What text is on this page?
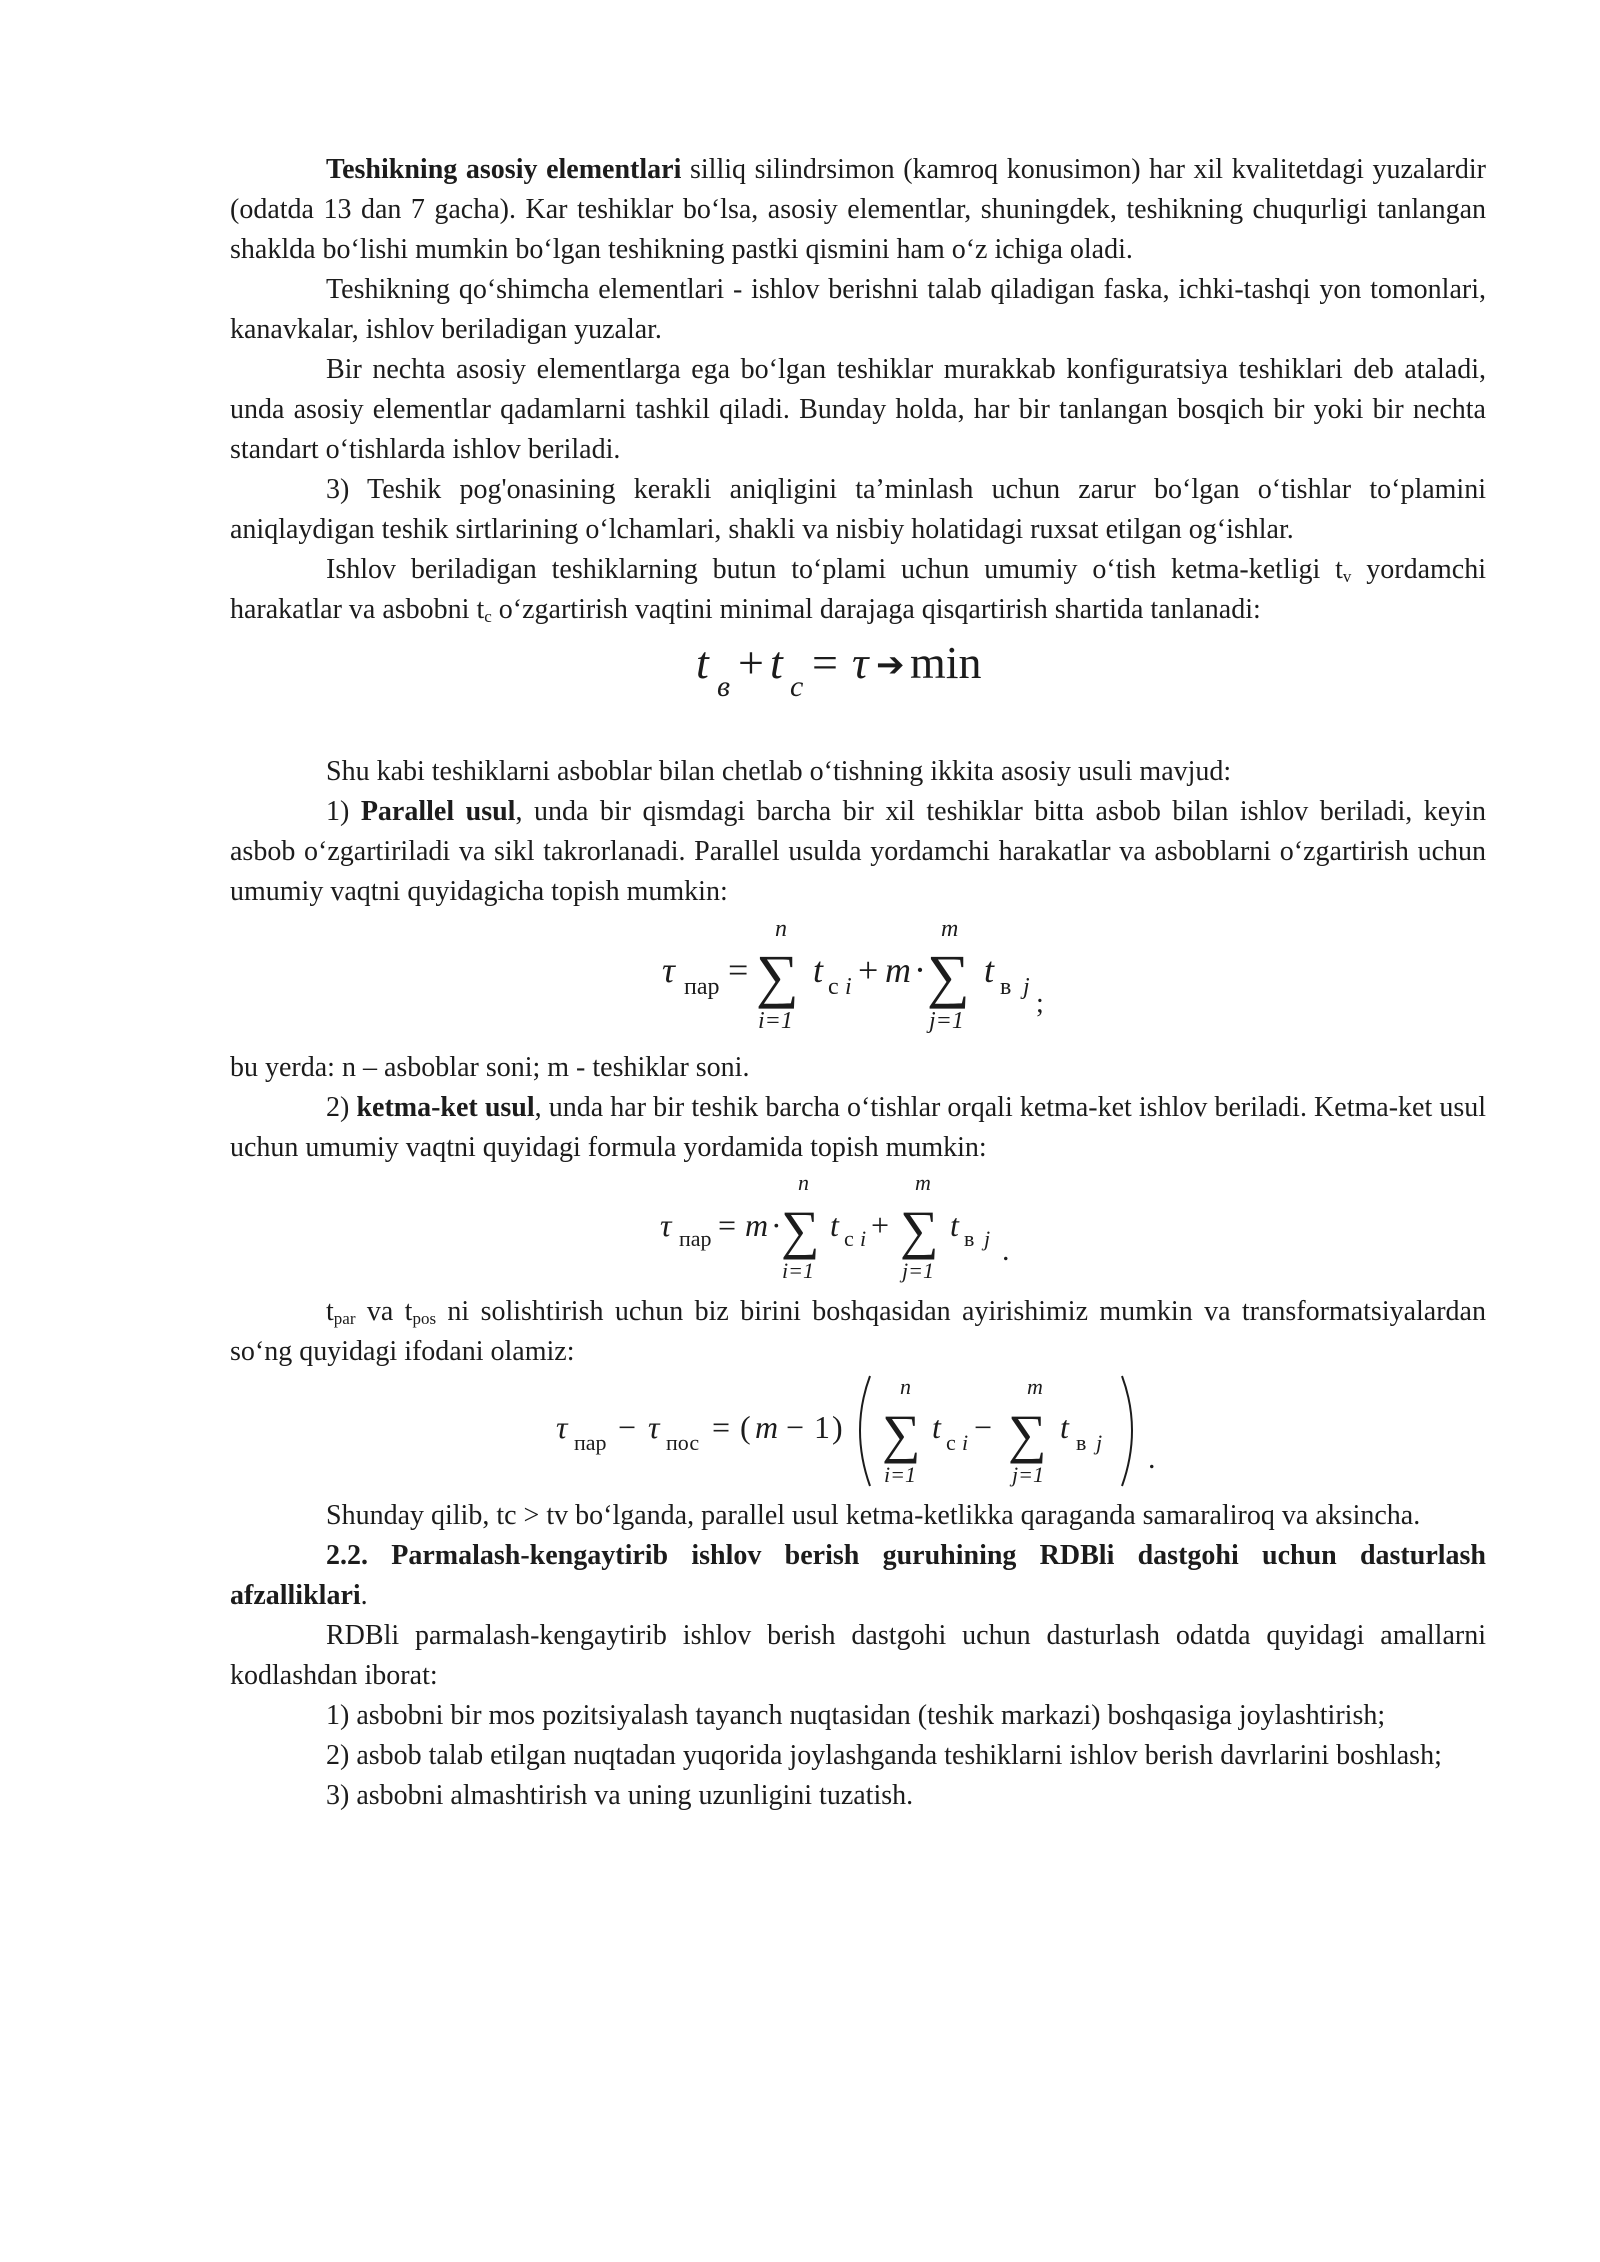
Teshikning asosiy elementlari silliq silindrsimon (kamroq konusimon) har xil kvalitetdagi yuzalardir (odatda 13 dan 7 gacha). Kar teshiklar bo‘lsa, asosiy elementlar, shuningdek, teshikning chuqurligi tanlangan shaklda bo‘lishi mumkin bo‘lgan teshikning pastki qismini ham o‘z ichiga oladi.

Teshikning qo‘shimcha elementlari - ishlov berishni talab qiladigan faska, ichki-tashqi yon tomonlari, kanavkalar, ishlov beriladigan yuzalar.

Bir nechta asosiy elementlarga ega bo‘lgan teshiklar murakkab konfiguratsiya teshiklari deb ataladi, unda asosiy elementlar qadamlarni tashkil qiladi. Bunday holda, har bir tanlangan bosqich bir yoki bir nechta standart o‘tishlarda ishlov beriladi.

3) Teshik pog'onasining kerakli aniqligini ta’minlash uchun zarur bo‘lgan o‘tishlar to‘plamini aniqlaydigan teshik sirtlarining o‘lchamlari, shakli va nisbiy holatidagi ruxsat etilgan og‘ishlar.

Ishlov beriladigan teshiklarning butun to‘plami uchun umumiy o‘tish ketma-ketligi $t_v$ yordamchi harakatlar va asbobni $t_c$ o‘zgartirish vaqtini minimal darajaga qisqartirish shartida tanlanadi:

t в + t c = τ ➔ min

Shu kabi teshiklarni asboblar bilan chetlab o‘tishning ikkita asosiy usuli mavjud:

1) Parallel usul, unda bir qismdagi barcha bir xil teshiklar bitta asbob bilan ishlov beriladi, keyin asbob o‘zgartiriladi va sikl takrorlanadi. Parallel usulda yordamchi harakatlar va asboblarni o‘zgartirish uchun umumiy vaqtni quyidagicha topish mumkin:

τ пар =
n
∑
i=1
t c i + m ·
m
∑
j=1
t в j
;

bu yerda: n – asboblar soni; m - teshiklar soni.

2) ketma-ket usul, unda har bir teshik barcha o‘tishlar orqali ketma-ket ishlov beriladi. Ketma-ket usul uchun umumiy vaqtni quyidagi formula yordamida topish mumkin:

τ пар = m ·
n
∑
i=1
t c i +
m
∑
j=1
t в j .

$t_{par}$ va $t_{pos}$ ni solishtirish uchun biz birini boshqasidan ayirishimiz mumkin va transformatsiyalardan so‘ng quyidagi ifodani olamiz:

τ пар − τ пос = ( m − 1 )
n
∑
i=1
t c i −
m
∑
j=1
t в j .

Shunday qilib, tc > tv bo‘lganda, parallel usul ketma-ketlikka qaraganda samaraliroq va aksincha.

2.2. Parmalash-kengaytirib ishlov berish guruhining RDBli dastgohi uchun dasturlash afzalliklari.

RDBli parmalash-kengaytirib ishlov berish dastgohi uchun dasturlash odatda quyidagi amallarni kodlashdan iborat:

1) asbobni bir mos pozitsiyalash tayanch nuqtasidan (teshik markazi) boshqasiga joylashtirish;

2) asbob talab etilgan nuqtadan yuqorida joylashganda teshiklarni ishlov berish davrlarini boshlash;

3) asbobni almashtirish va uning uzunligini tuzatish.
